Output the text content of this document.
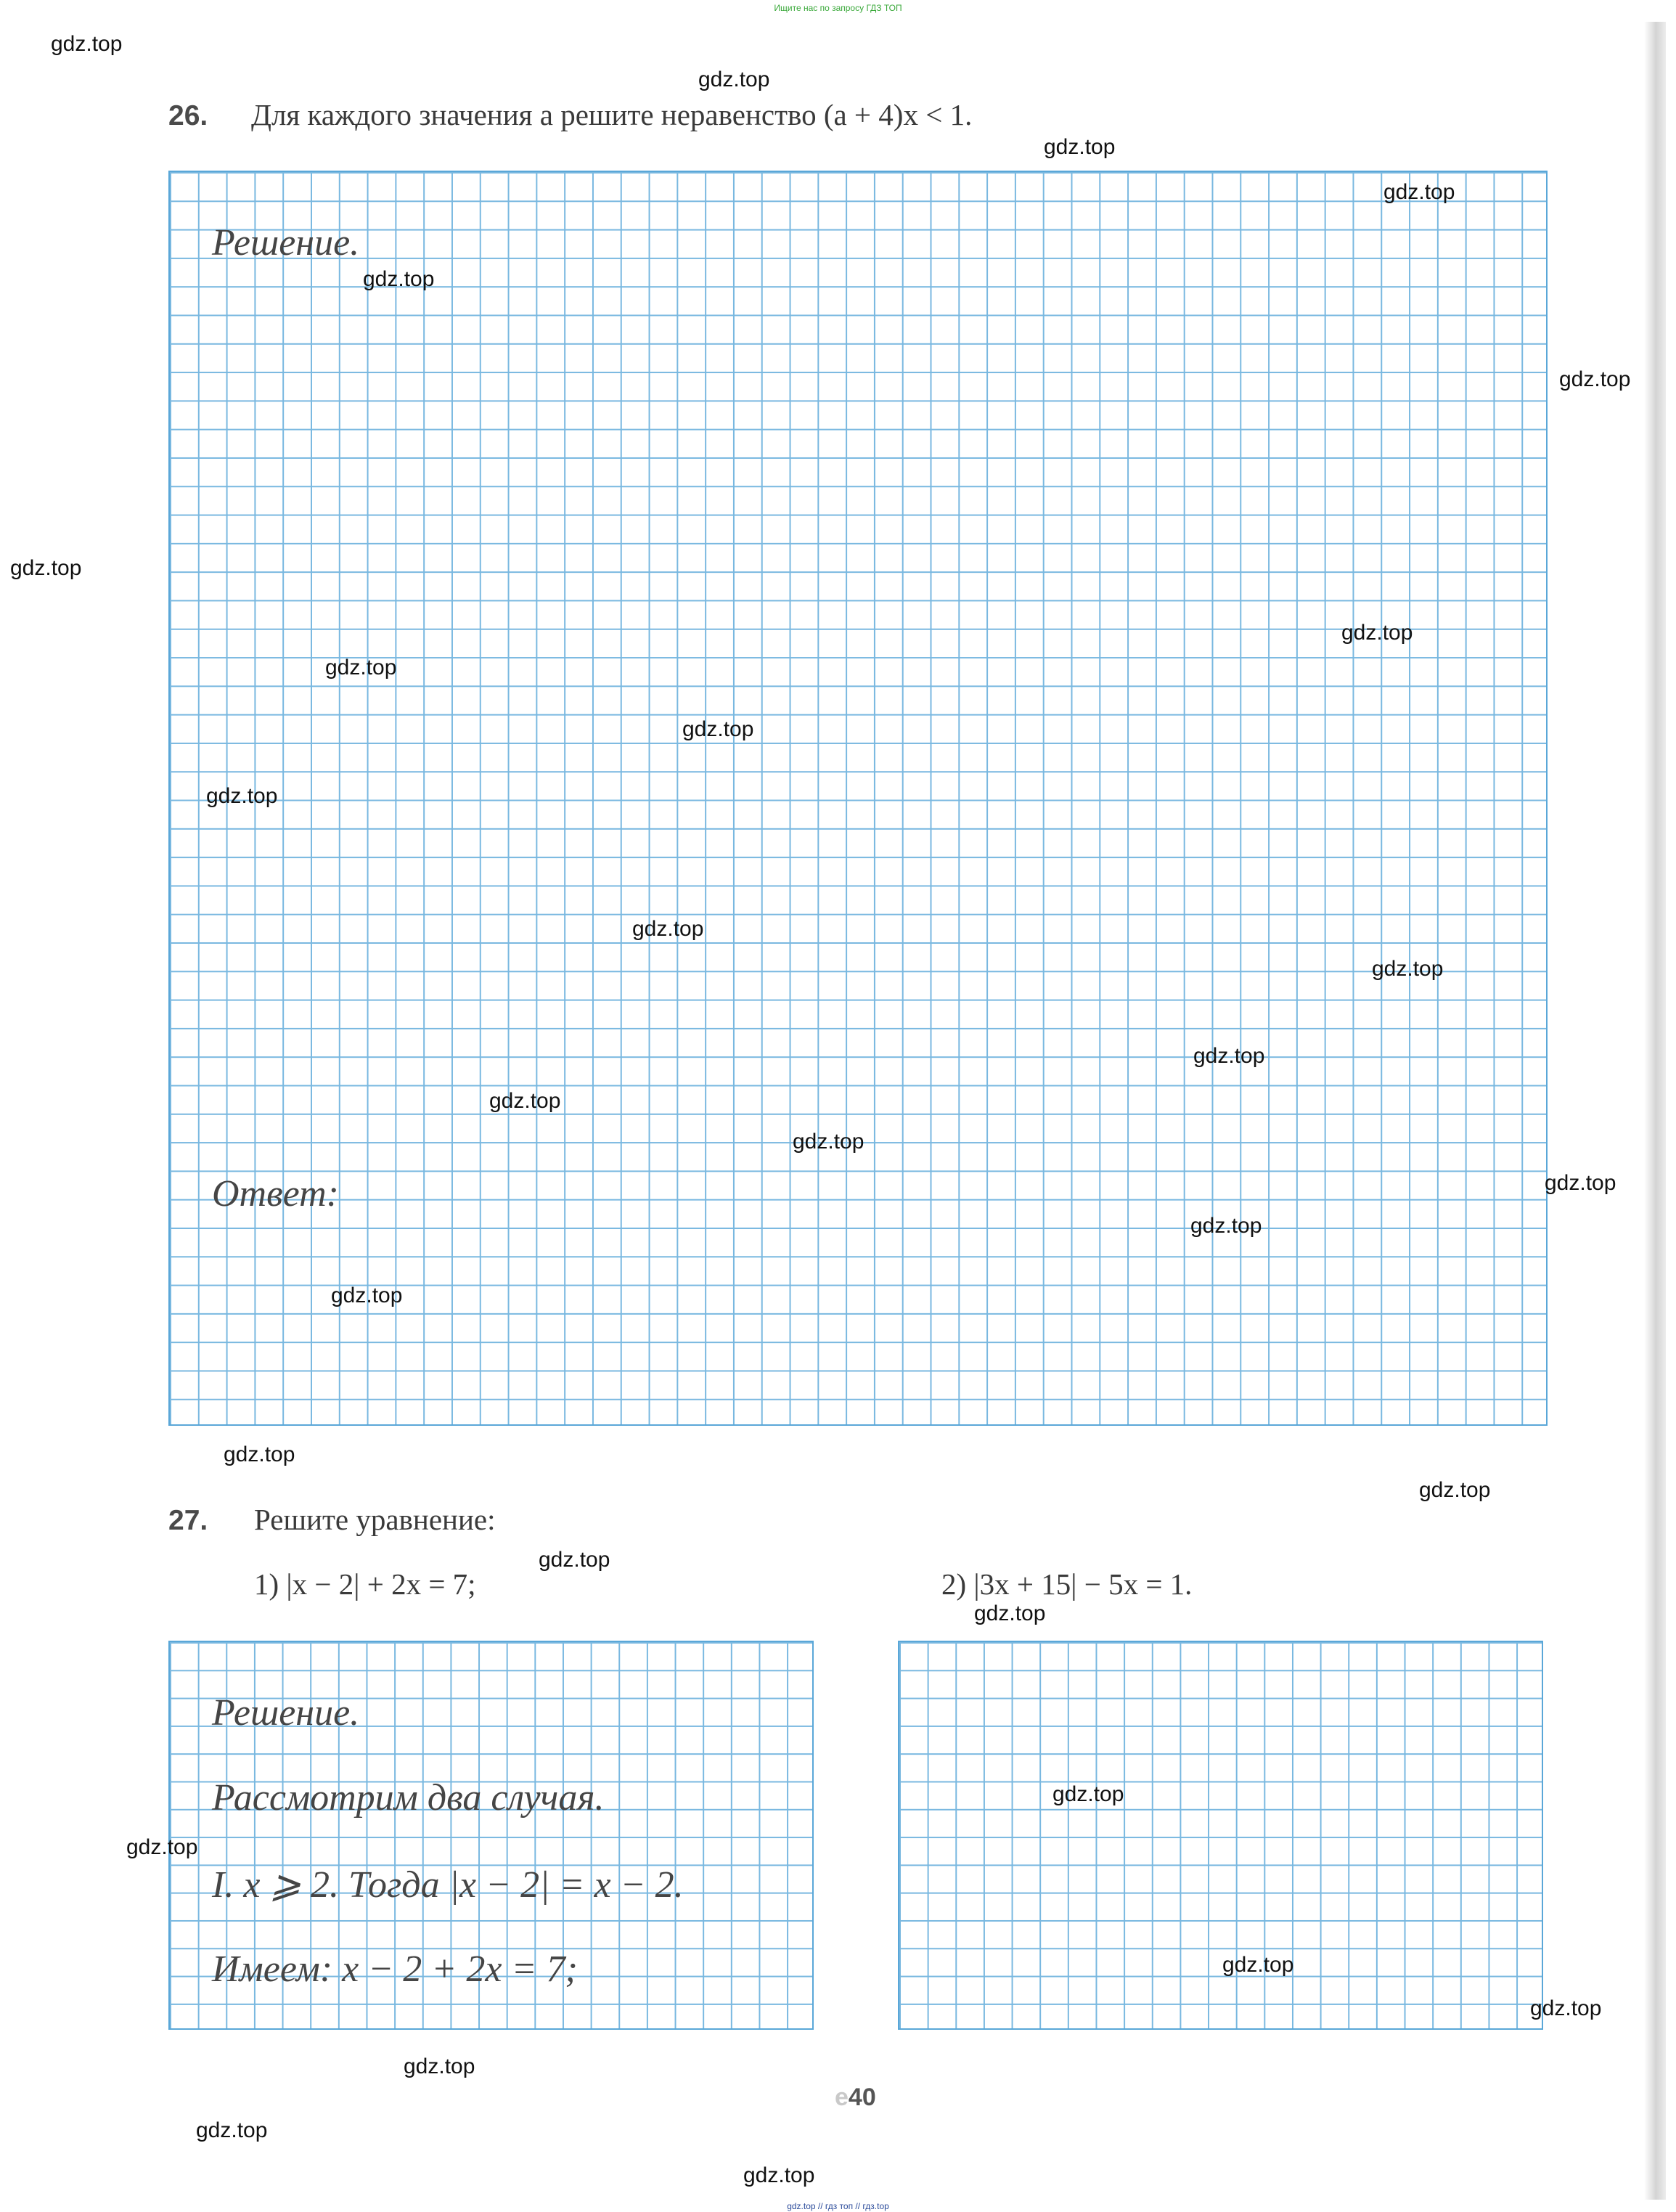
Ищите нас по запросу ГДЗ ТОП
26. Для каждого значения a решите неравенство (a + 4)x < 1.
Решение.
Ответ:
27. Решите уравнение:
1) |x − 2| + 2x = 7;	2) |3x + 15| − 5x = 1.
Решение.
Рассмотрим два случая.
I. x ⩾ 2. Тогда |x − 2| = x − 2.
Имеем: x − 2 + 2x = 7;
e40
gdz.top
gdz.top
gdz.top
gdz.top
gdz.top
gdz.top
gdz.top
gdz.top
gdz.top
gdz.top
gdz.top
gdz.top
gdz.top
gdz.top
gdz.top
gdz.top
gdz.top
gdz.top
gdz.top
gdz.top
gdz.top
gdz.top
gdz.top
gdz.top
gdz.top
gdz.top
gdz.top
gdz.top
gdz.top
gdz.top
gdz.top // гдз топ // гдз.top
